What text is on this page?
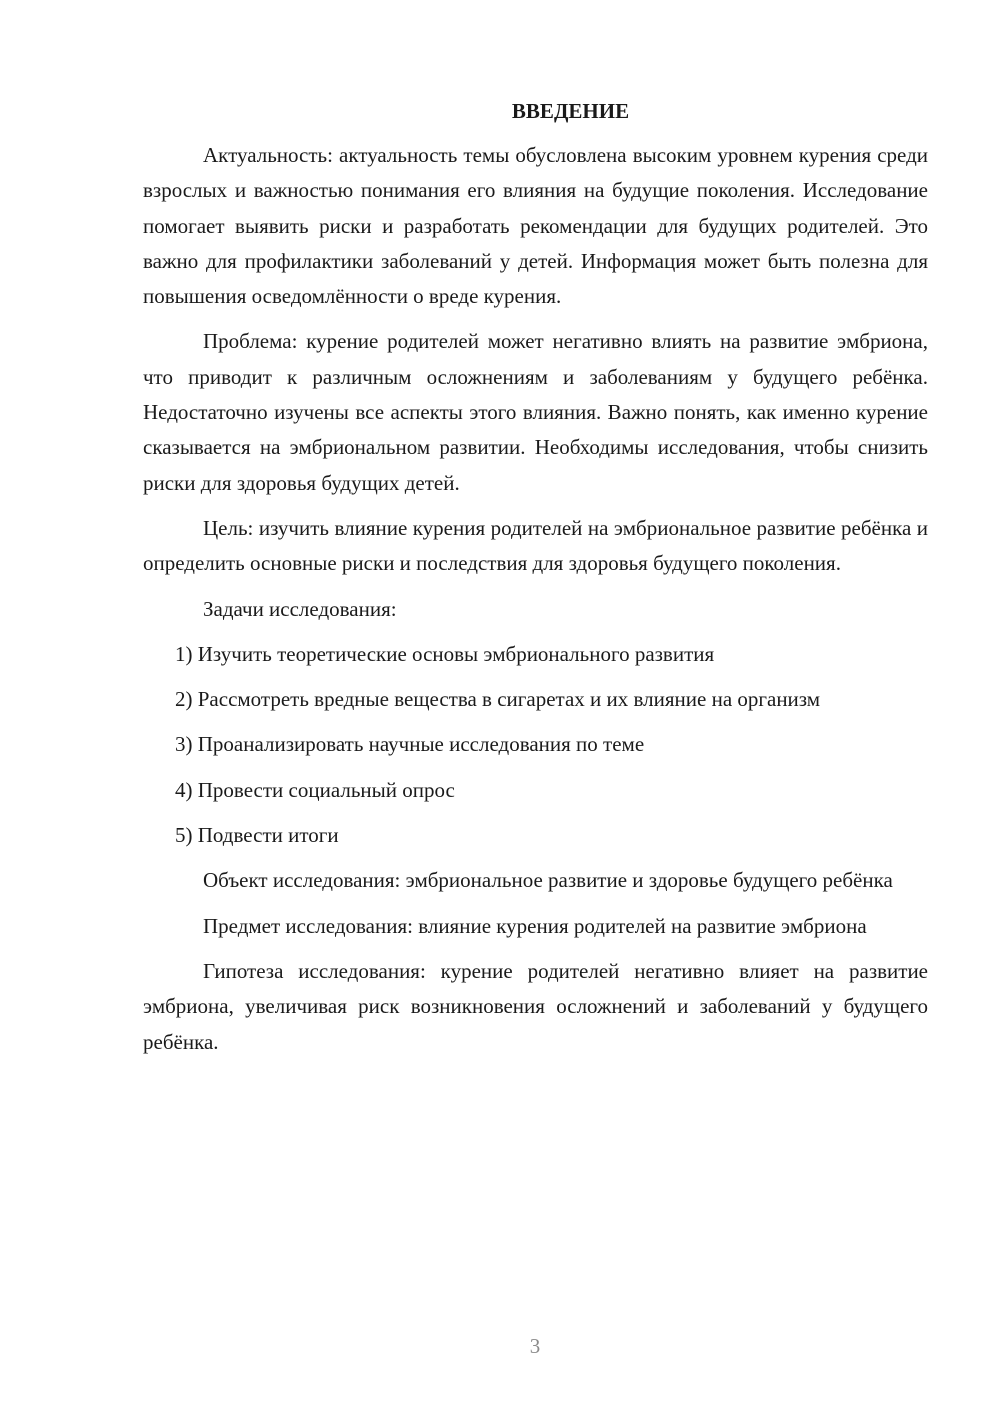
ВВЕДЕНИЕ

Актуальность: актуальность темы обусловлена высоким уровнем курения среди взрослых и важностью понимания его влияния на будущие поколения. Исследование помогает выявить риски и разработать рекомендации для будущих родителей. Это важно для профилактики заболеваний у детей. Информация может быть полезна для повышения осведомлённости о вреде курения.

Проблема: курение родителей может негативно влиять на развитие эмбриона, что приводит к различным осложнениям и заболеваниям у будущего ребёнка. Недостаточно изучены все аспекты этого влияния. Важно понять, как именно курение сказывается на эмбриональном развитии. Необходимы исследования, чтобы снизить риски для здоровья будущих детей.

Цель: изучить влияние курения родителей на эмбриональное развитие ребёнка и определить основные риски и последствия для здоровья будущего поколения.

Задачи исследования:

1) Изучить теоретические основы эмбрионального развития

2) Рассмотреть вредные вещества в сигаретах и их влияние на организм

3) Проанализировать научные исследования по теме

4) Провести социальный опрос

5) Подвести итоги

Объект исследования: эмбриональное развитие и здоровье будущего ребёнка

Предмет исследования: влияние курения родителей на развитие эмбриона

Гипотеза исследования: курение родителей негативно влияет на развитие эмбриона, увеличивая риск возникновения осложнений и заболеваний у будущего ребёнка.

3
